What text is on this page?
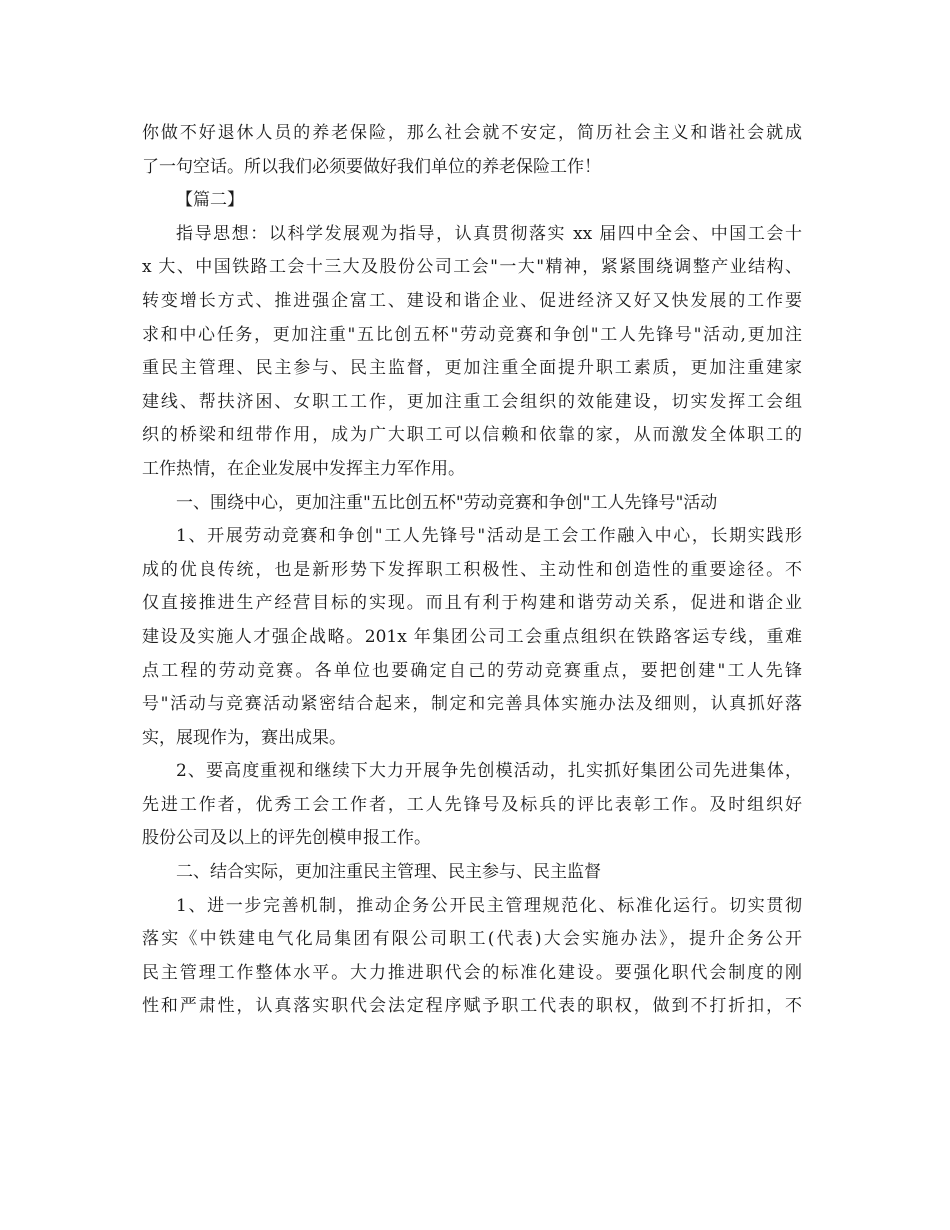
你做不好退休人员的养老保险，那么社会就不安定，简历社会主义和谐社会就成
了一句空话。所以我们必须要做好我们单位的养老保险工作！
【篇二】
指导思想：以科学发展观为指导，认真贯彻落实 xx 届四中全会、中国工会十
x 大、中国铁路工会十三大及股份公司工会"一大"精神，紧紧围绕调整产业结构、
转变增长方式、推进强企富工、建设和谐企业、促进经济又好又快发展的工作要
求和中心任务，更加注重"五比创五杯"劳动竞赛和争创"工人先锋号"活动,更加注
重民主管理、民主参与、民主监督，更加注重全面提升职工素质，更加注重建家
建线、帮扶济困、女职工工作，更加注重工会组织的效能建设，切实发挥工会组
织的桥梁和纽带作用，成为广大职工可以信赖和依靠的家，从而激发全体职工的
工作热情，在企业发展中发挥主力军作用。
一、围绕中心，更加注重"五比创五杯"劳动竞赛和争创"工人先锋号"活动
1、开展劳动竞赛和争创"工人先锋号"活动是工会工作融入中心，长期实践形
成的优良传统，也是新形势下发挥职工积极性、主动性和创造性的重要途径。不
仅直接推进生产经营目标的实现。而且有利于构建和谐劳动关系，促进和谐企业
建设及实施人才强企战略。201x 年集团公司工会重点组织在铁路客运专线，重难
点工程的劳动竞赛。各单位也要确定自己的劳动竞赛重点，要把创建"工人先锋
号"活动与竞赛活动紧密结合起来，制定和完善具体实施办法及细则，认真抓好落
实，展现作为，赛出成果。
2、要高度重视和继续下大力开展争先创模活动，扎实抓好集团公司先进集体，
先进工作者，优秀工会工作者，工人先锋号及标兵的评比表彰工作。及时组织好
股份公司及以上的评先创模申报工作。
二、结合实际，更加注重民主管理、民主参与、民主监督
1、进一步完善机制，推动企务公开民主管理规范化、标准化运行。切实贯彻
落实《中铁建电气化局集团有限公司职工(代表)大会实施办法》，提升企务公开
民主管理工作整体水平。大力推进职代会的标准化建设。要强化职代会制度的刚
性和严肃性，认真落实职代会法定程序赋予职工代表的职权，做到不打折扣，不
